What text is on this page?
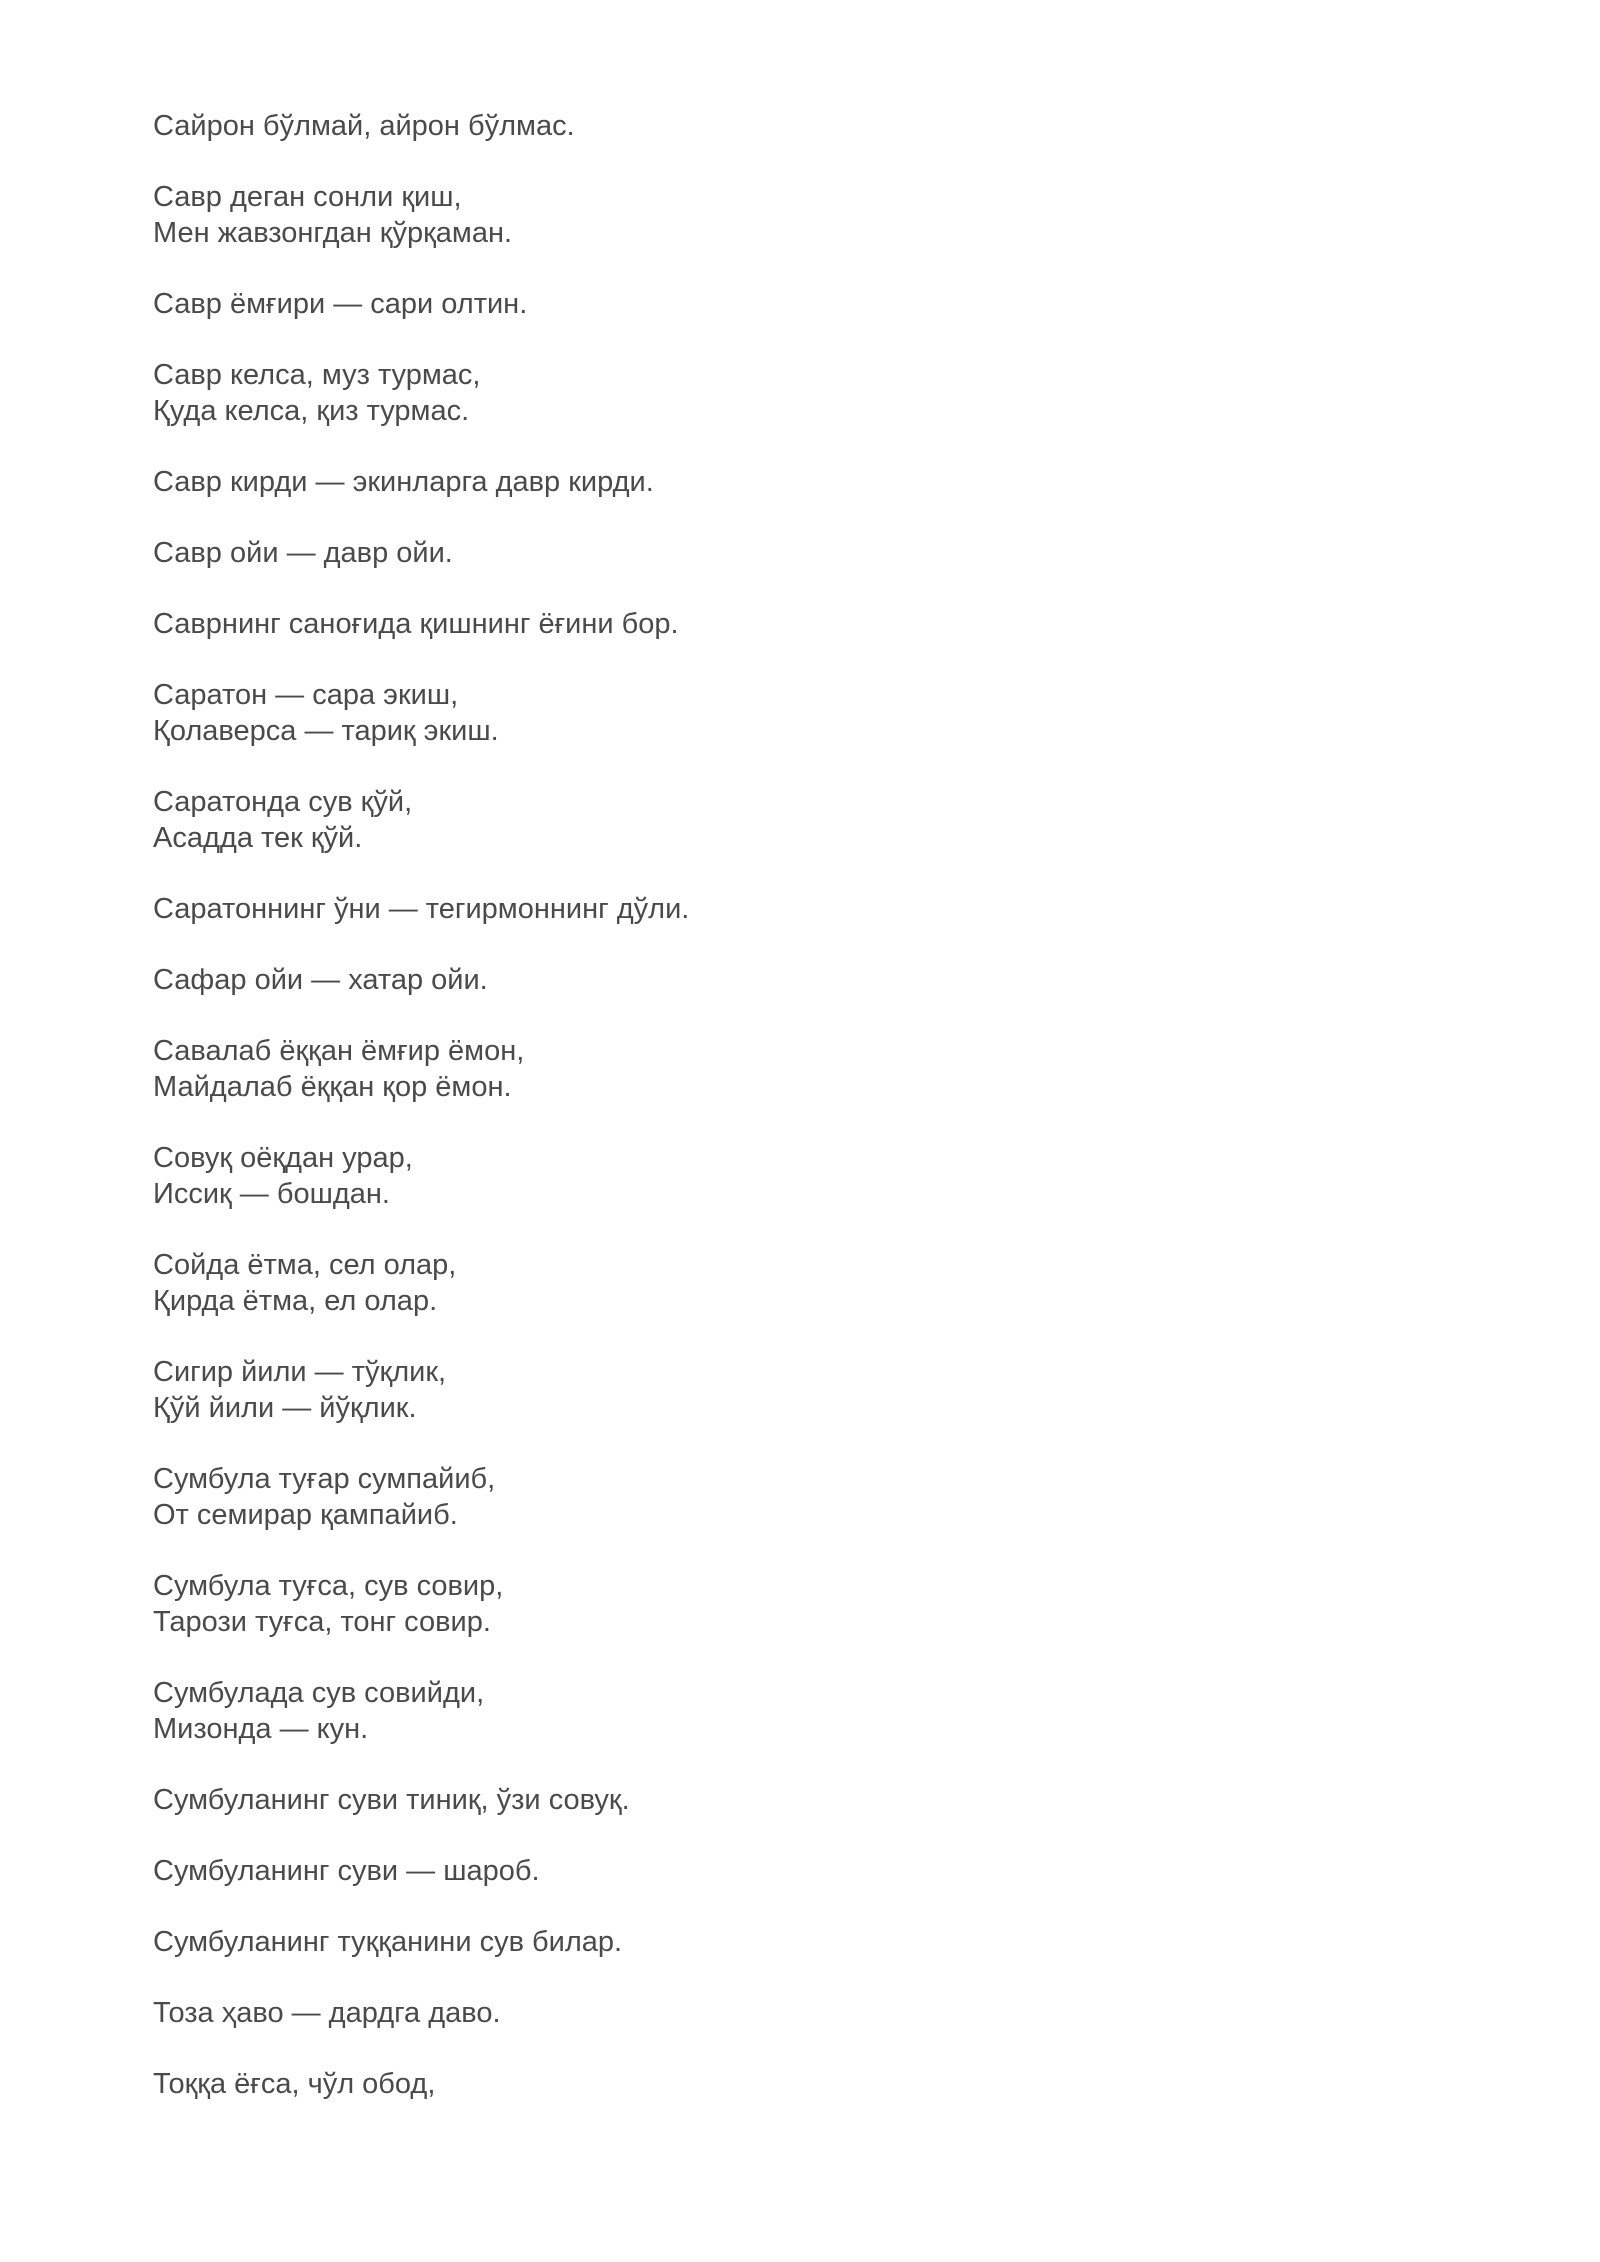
Сайрон бўлмай, айрон бўлмас.
Савр деган сонли қиш,
Мен жавзонгдан қўрқаман.
Савр ёмғири — сари олтин.
Савр келса, муз турмас,
Қуда келса, қиз турмас.
Савр кирди — экинларга давр кирди.
Савр ойи — давр ойи.
Саврнинг саноғида қишнинг ёғини бор.
Саратон — сара экиш,
Қолаверса — тариқ экиш.
Саратонда сув қўй,
Асадда тек қўй.
Саратоннинг ўни — тегирмоннинг дўли.
Сафар ойи — хатар ойи.
Савалаб ёққан ёмғир ёмон,
Майдалаб ёққан қор ёмон.
Совуқ оёқдан урар,
Иссиқ — бошдан.
Сойда ётма, сел олар,
Қирда ётма, ел олар.
Сигир йили — тўқлик,
Қўй йили — йўқлик.
Сумбула туғар сумпайиб,
От семирар қампайиб.
Сумбула туғса, сув совир,
Тарози туғса, тонг совир.
Сумбулада сув совийди,
Мизонда — кун.
Сумбуланинг суви тиниқ, ўзи совуқ.
Сумбуланинг суви — шароб.
Сумбуланинг туққанини сув билар.
Тоза ҳаво — дардга даво.
Тоққа ёғса, чўл обод,
